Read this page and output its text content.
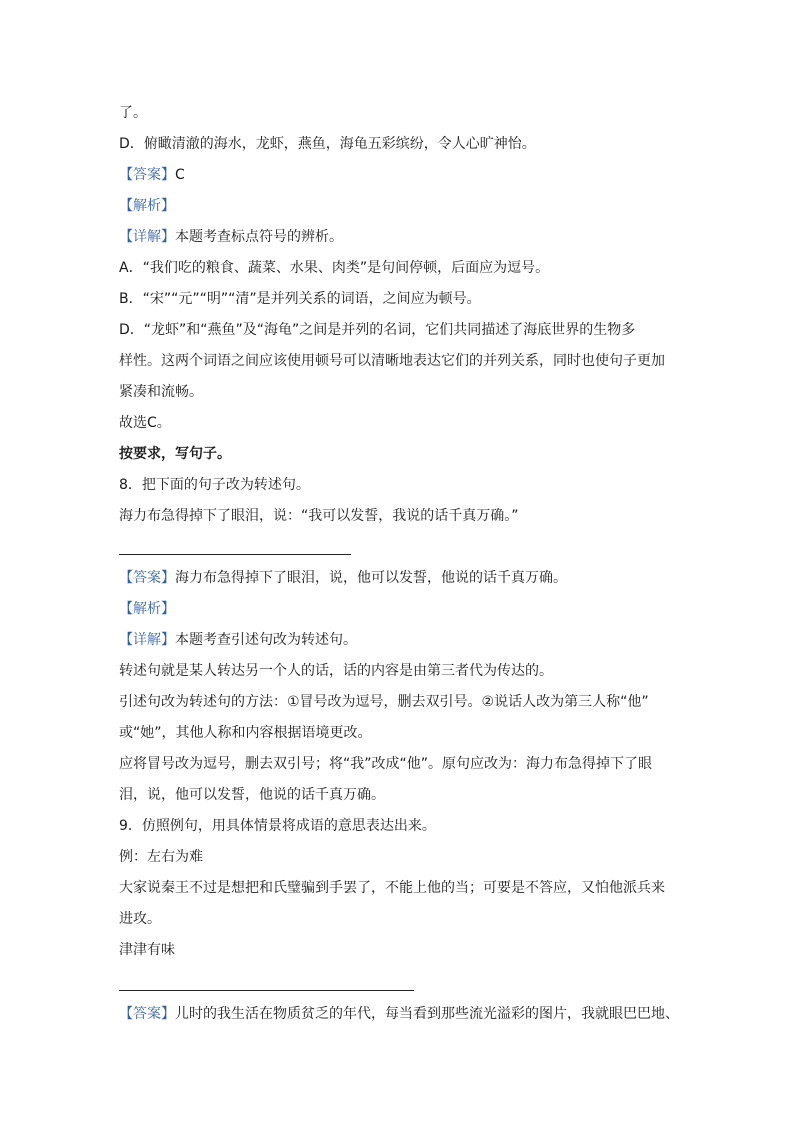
了。
D．俯瞰清澈的海水，龙虾，燕鱼，海龟五彩缤纷，令人心旷神怡。
【答案】C
【解析】
【详解】本题考查标点符号的辨析。
A．“我们吃的粮食、蔬菜、水果、肉类”是句间停顿，后面应为逗号。
B．“宋”“元”“明”“清”是并列关系的词语，之间应为顿号。
D．“龙虾”和“燕鱼”及“海龟”之间是并列的名词，它们共同描述了海底世界的生物多
样性。这两个词语之间应该使用顿号可以清晰地表达它们的并列关系，同时也使句子更加
紧凑和流畅。
故选C。
按要求，写句子。
8．把下面的句子改为转述句。
海力布急得掉下了眼泪，说：“我可以发誓，我说的话千真万确。”
【答案】海力布急得掉下了眼泪，说，他可以发誓，他说的话千真万确。
【解析】
【详解】本题考查引述句改为转述句。
转述句就是某人转达另一个人的话，话的内容是由第三者代为传达的。
引述句改为转述句的方法：①冒号改为逗号，删去双引号。②说话人改为第三人称“他”
或“她”，其他人称和内容根据语境更改。
应将冒号改为逗号，删去双引号；将“我”改成“他”。原句应改为：海力布急得掉下了眼
泪，说，他可以发誓，他说的话千真万确。
9．仿照例句，用具体情景将成语的意思表达出来。
例：左右为难
大家说秦王不过是想把和氏璧骗到手罢了，不能上他的当；可要是不答应，又怕他派兵来
进攻。
津津有味
【答案】儿时的我生活在物质贫乏的年代，每当看到那些流光溢彩的图片，我就眼巴巴地、
